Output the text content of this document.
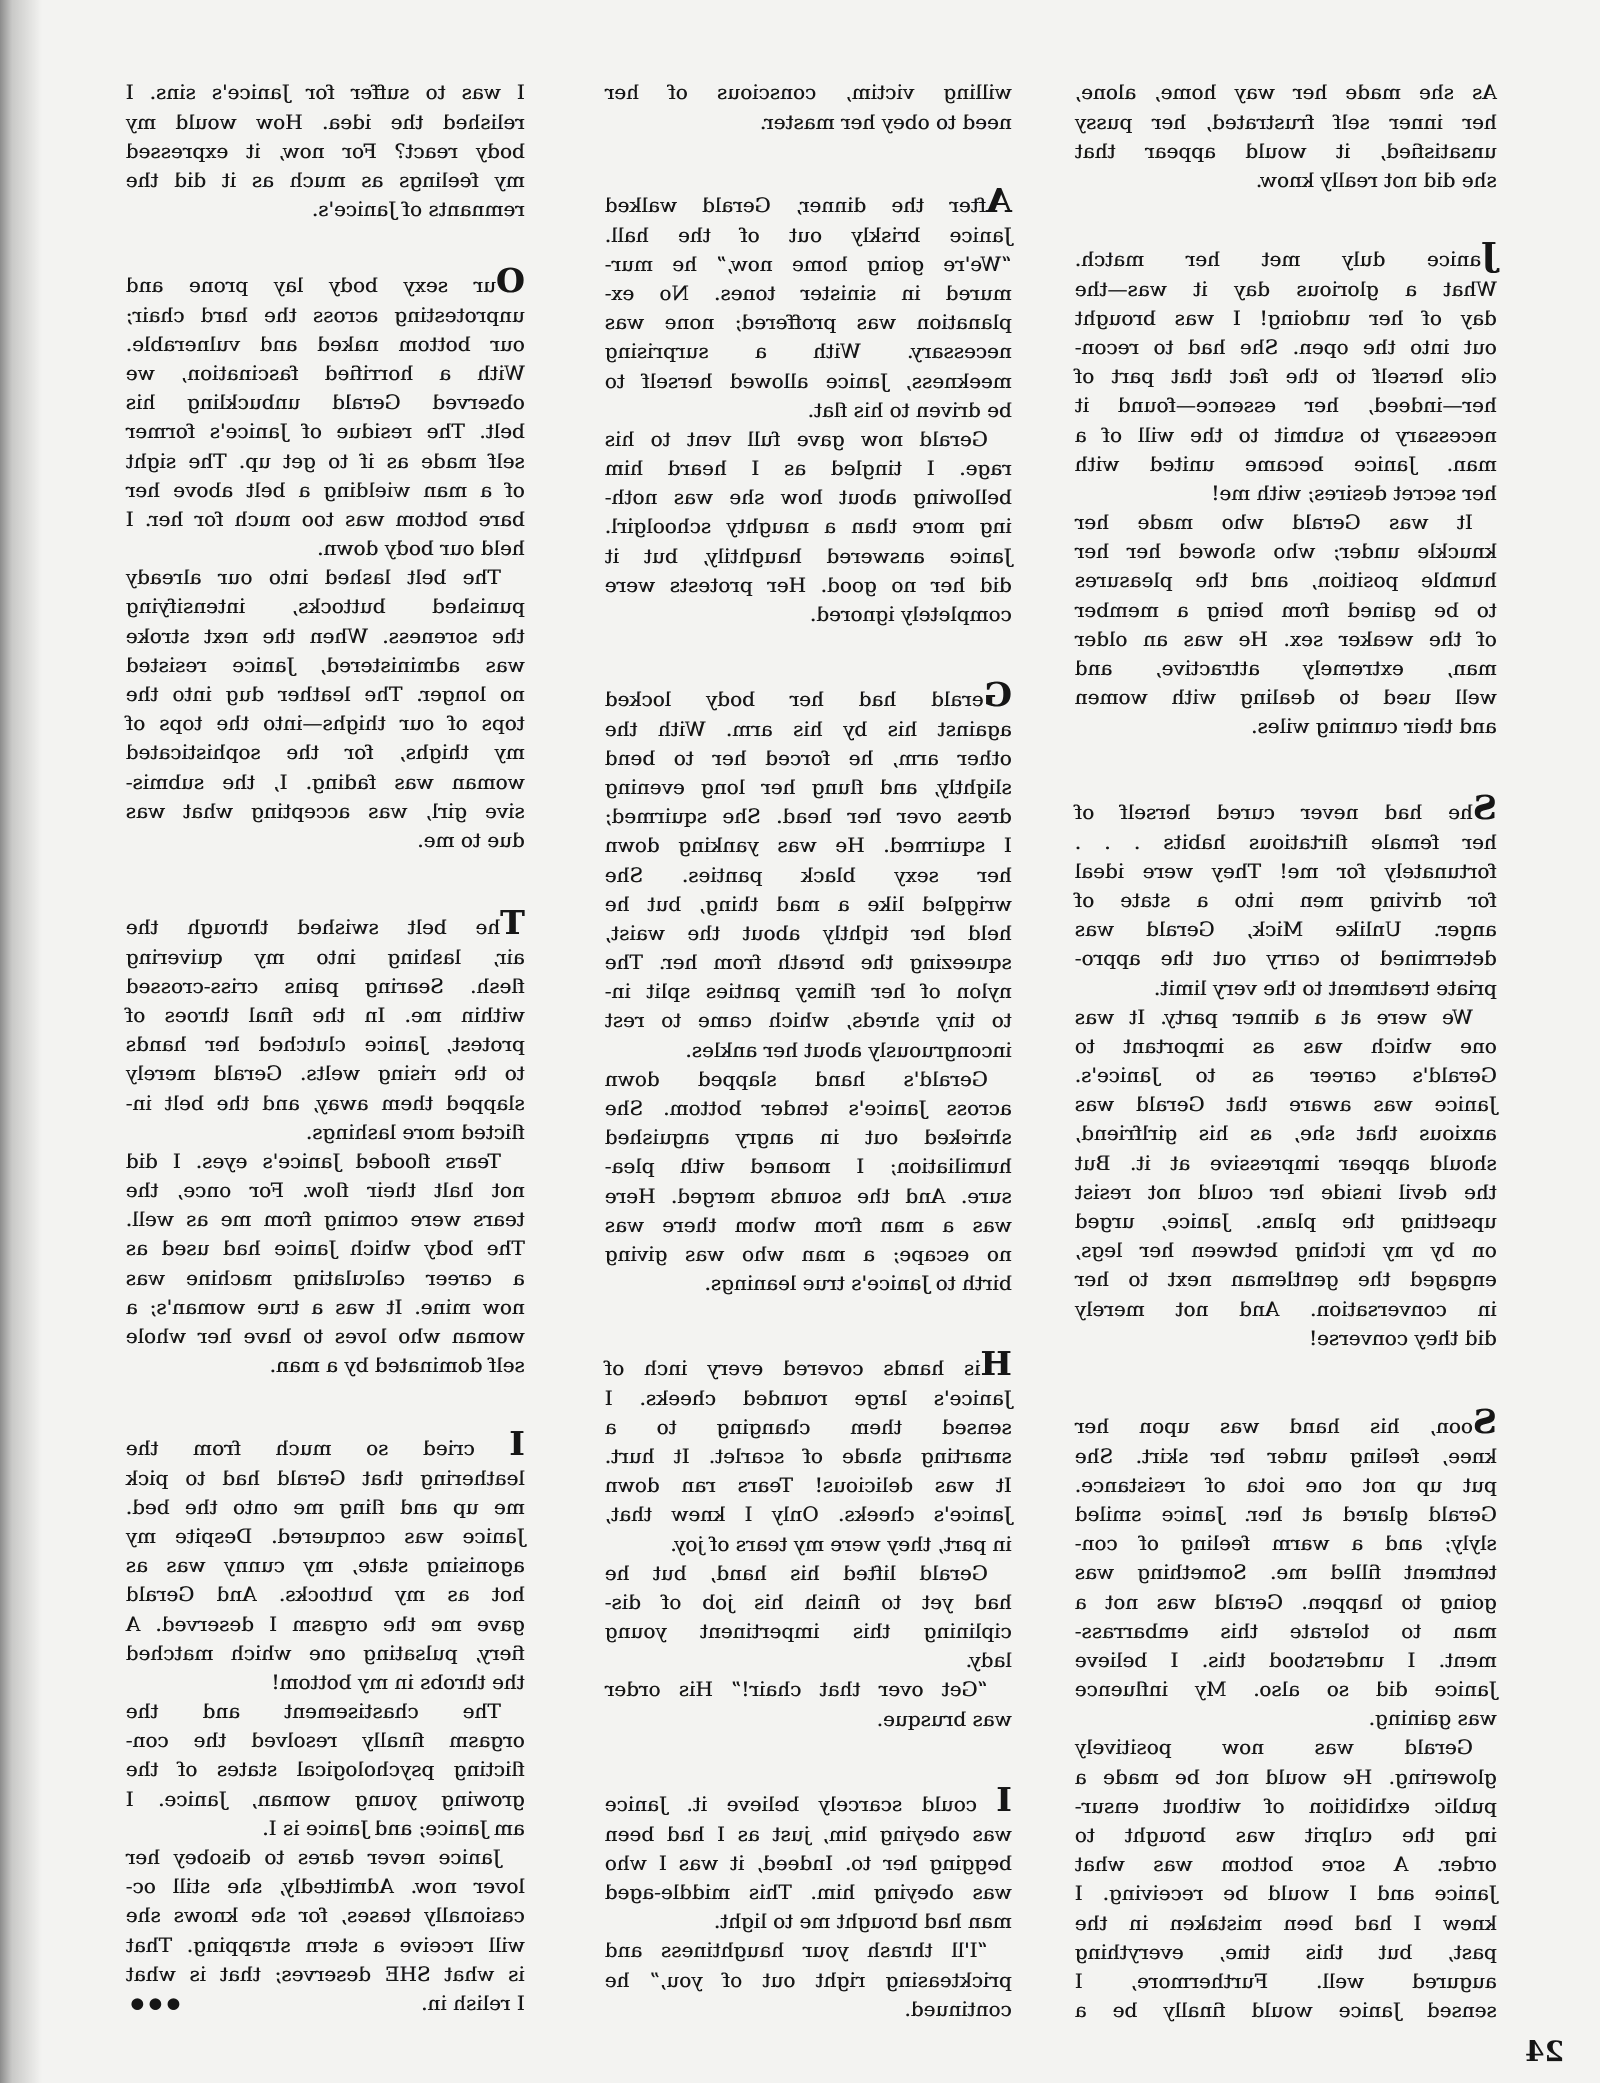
As she made her way home, alone,
her inner self frustrated, her pussy
unsatisfied, it would appear that
she did not really know.
Janice duly met her match.
What a glorious day it was—the
day of her undoing! I was brought
out into the open. She had to recon-
cile herself to the fact that part of
her—indeed, her essence—found it
necessary to submit to the will of a
man. Janice became united with
her secret desires; with me!
It was Gerald who made her
knuckle under; who showed her her
humble position, and the pleasures
to be gained from being a member
of the weaker sex. He was an older
man, extremely attractive, and
well used to dealing with women
and their cunning wiles.
She had never cured herself of
her female flirtatious habits . . .
fortunately for me! They were ideal
for driving men into a state of
anger. Unlike Mick, Gerald was
determined to carry out the appro-
priate treatment to the very limit.
We were at a dinner party. It was
one which was as important to
Gerald's career as to Janice's.
Janice was aware that Gerald was
anxious that she, as his girlfriend,
should appear impressive at it. But
the devil inside her could not resist
upsetting the plans. Janice, urged
on by my itching between her legs,
engaged the gentleman next to her
in conversation. And not merely
did they converse!
Soon, his hand was upon her
knee, feeling under her skirt. She
put up not one iota of resistance.
Gerald glared at her. Janice smiled
slyly; and a warm feeling of con-
tentment filled me. Something was
going to happen. Gerald was not a
man to tolerate this embarrass-
ment. I understood this. I believe
Janice did so also. My influence
was gaining.
Gerald was now positively
glowering. He would not be made a
public exhibition of without ensur-
ing the culprit was brought to
order. A sore bottom was what
Janice and I would be receiving. I
knew I had been mistaken in the
past, but this time, everything
augured well. Furthermore, I
sensed Janice would finally be a
willing victim, conscious of her
need to obey her master.
After the dinner, Gerald walked
Janice briskly out of the hall.
“We're going home now,” he mur-
mured in sinister tones. No ex-
planation was proffered; none was
necessary. With a surprising
meekness, Janice allowed herself to
be driven to his flat.
Gerald now gave full vent to his
rage. I tingled as I heard him
bellowing about how she was noth-
ing more than a naughty schoolgirl.
Janice answered haughtily, but it
did her no good. Her protests were
completely ignored.
Gerald had her body locked
against his by his arm. With the
other arm, he forced her to bend
slightly, and flung her long evening
dress over her head. She squirmed;
I squirmed. He was yanking down
her sexy black panties. She
wriggled like a mad thing, but he
held her tightly about the waist,
squeezing the breath from her. The
nylon of her flimsy panties split in-
to tiny shreds, which came to rest
incongruously about her ankles.
Gerald's hand slapped down
across Janice's tender bottom. She
shrieked out in angry anguished
humiliation; I moaned with plea-
sure. And the sounds merged. Here
was a man from whom there was
no escape; a man who was giving
birth to Janice's true leanings.
His hands covered every inch of
Janice's large rounded cheeks. I
sensed them changing to a
smarting shade of scarlet. It hurt.
It was delicious! Tears ran down
Janice's cheeks. Only I knew that,
in part, they were my tears of joy.
Gerald lifted his hand, but he
had yet to finish his job of dis-
ciplining this impertinent young
lady.
“Get over that chair!” His order
was brusque.
I could scarcely believe it. Janice
was obeying him, just as I had been
begging her to. Indeed, it was I who
was obeying him. This middle-aged
man had brought me to light.
“I'll thrash your haughtiness and
prickteasing right out of you,” he
continued.
I was to suffer for Janice's sins. I
relished the idea. How would my
body react? For now, it expressed
my feelings as much as it did the
remnants of Janice's.
Our sexy body lay prone and
unprotesting across the hard chair;
our bottom naked and vulnerable.
With a horrified fascination, we
observed Gerald unbuckling his
belt. The residue of Janice's former
self made as if to get up. The sight
of a man wielding a belt above her
bare bottom was too much for her. I
held our body down.
The belt lashed into our already
punished buttocks, intensifying
the soreness. When the next stroke
was administered, Janice resisted
no longer. The leather dug into the
tops of our thighs—into the tops of
my thighs, for the sophisticated
woman was fading. I, the submis-
sive girl, was accepting what was
due to me.
The belt swished through the
air, lashing into my quivering
flesh. Searing pains criss-crossed
within me. In the final throes of
protest, Janice clutched her hands
to the rising welts. Gerald merely
slapped them away, and the belt in-
flicted more lashings.
Tears flooded Janice's eyes. I did
not halt their flow. For once, the
tears were coming from me as well.
The body which Janice had used as
a career calculating machine was
now mine. It was a true woman's; a
woman who loves to have her whole
self dominated by a man.
I cried so much from the
leathering that Gerald had to pick
me up and fling me onto the bed.
Janice was conquered. Despite my
agonising state, my cunny was as
hot as my buttocks. And Gerald
gave me the orgasm I deserved. A
fiery, pulsating one which matched
the throbs in my bottom!
The chastisement and the
orgasm finally resolved the con-
flicting psychological states of the
growing young woman, Janice. I
am Janice; and Janice is I.
Janice never dares to disobey her
lover now. Admittedly, she still oc-
casionally teases, for she knows she
will receive a stern strapping. That
is what SHE deserves; that is what
●●●	I relish in.
24
